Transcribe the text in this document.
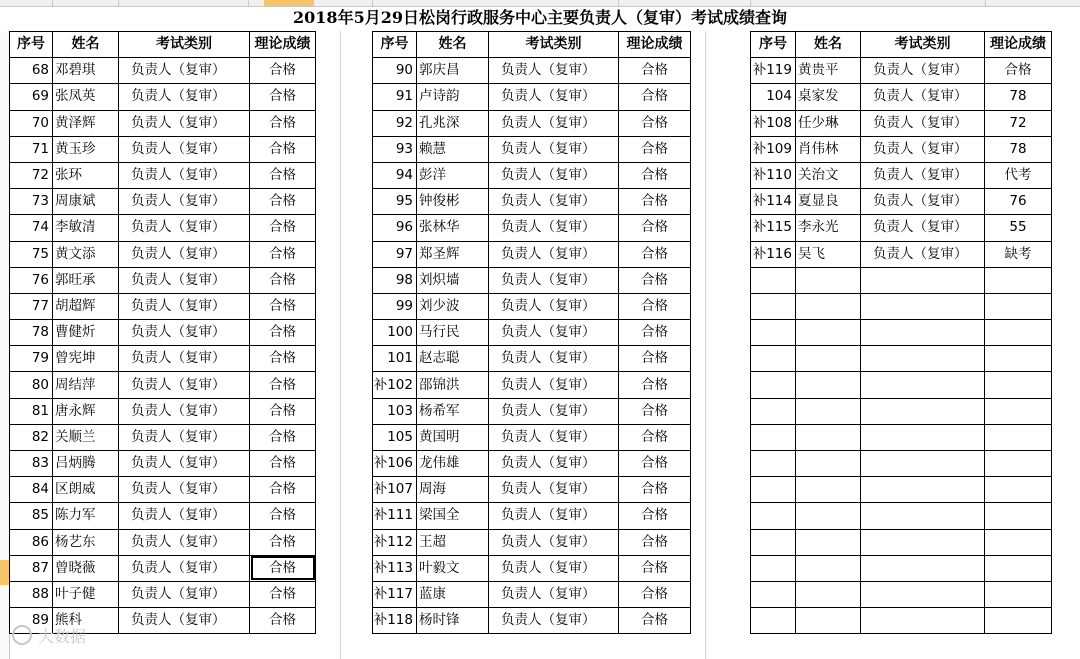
2018年5月29日松岗行政服务中心主要负责人（复审）考试成绩查询
序号	姓名	考试类别	理论成绩
68	邓碧琪	负责人（复审）	合格
69	张凤英	负责人（复审）	合格
70	黄泽辉	负责人（复审）	合格
71	黄玉珍	负责人（复审）	合格
72	张环	负责人（复审）	合格
73	周康斌	负责人（复审）	合格
74	李敏清	负责人（复审）	合格
75	黄文添	负责人（复审）	合格
76	郭旺承	负责人（复审）	合格
77	胡超辉	负责人（复审）	合格
78	曹健炘	负责人（复审）	合格
79	曾宪坤	负责人（复审）	合格
80	周结萍	负责人（复审）	合格
81	唐永辉	负责人（复审）	合格
82	关顺兰	负责人（复审）	合格
83	吕炳腾	负责人（复审）	合格
84	区朗威	负责人（复审）	合格
85	陈力军	负责人（复审）	合格
86	杨艺东	负责人（复审）	合格
87	曾晓薇	负责人（复审）	合格
88	叶子健	负责人（复审）	合格
89	熊科	负责人（复审）	合格
序号	姓名	考试类别	理论成绩
90	郭庆昌	负责人（复审）	合格
91	卢诗韵	负责人（复审）	合格
92	孔兆深	负责人（复审）	合格
93	赖慧	负责人（复审）	合格
94	彭洋	负责人（复审）	合格
95	钟俊彬	负责人（复审）	合格
96	张林华	负责人（复审）	合格
97	郑圣辉	负责人（复审）	合格
98	刘炽墙	负责人（复审）	合格
99	刘少波	负责人（复审）	合格
100	马行民	负责人（复审）	合格
101	赵志聪	负责人（复审）	合格
补102	邵锦洪	负责人（复审）	合格
103	杨希军	负责人（复审）	合格
105	黄国明	负责人（复审）	合格
补106	龙伟雄	负责人（复审）	合格
补107	周海	负责人（复审）	合格
补111	梁国全	负责人（复审）	合格
补112	王超	负责人（复审）	合格
补113	叶毅文	负责人（复审）	合格
补117	蓝康	负责人（复审）	合格
补118	杨时锋	负责人（复审）	合格
序号	姓名	考试类别	理论成绩
补119	黄贵平	负责人（复审）	合格
104	桌家发	负责人（复审）	78
补108	任少琳	负责人（复审）	72
补109	肖伟林	负责人（复审）	78
补110	关治文	负责人（复审）	代考
补114	夏显良	负责人（复审）	76
补115	李永光	负责人（复审）	55
补116	吴飞	负责人（复审）	缺考

大数据
